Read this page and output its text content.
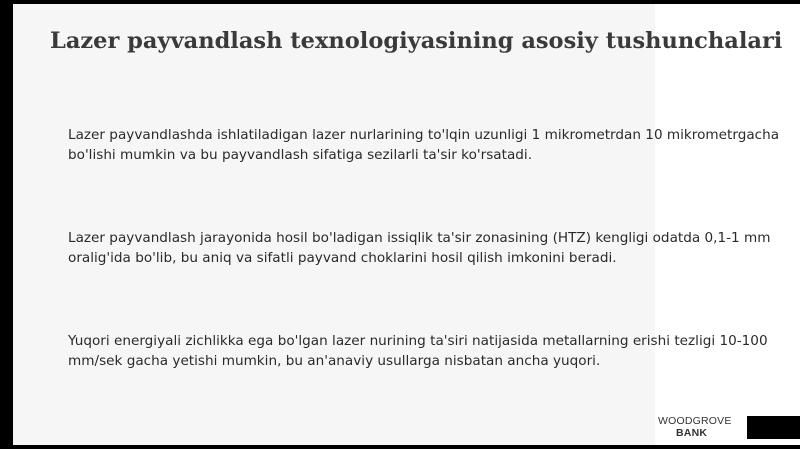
Lazer payvandlash texnologiyasining asosiy tushunchalari

Lazer payvandlashda ishlatiladigan lazer nurlarining to'lqin uzunligi 1 mikrometrdan 10 mikrometrgacha bo'lishi mumkin va bu payvandlash sifatiga sezilarli ta'sir ko'rsatadi.

Lazer payvandlash jarayonida hosil bo'ladigan issiqlik ta'sir zonasining (HTZ) kengligi odatda 0,1-1 mm oralig'ida bo'lib, bu aniq va sifatli payvand choklarini hosil qilish imkonini beradi.

Yuqori energiyali zichlikka ega bo'lgan lazer nurining ta'siri natijasida metallarning erishi tezligi 10-100 mm/sek gacha yetishi mumkin, bu an'anaviy usullarga nisbatan ancha yuqori.

WOODGROVE
BANK
